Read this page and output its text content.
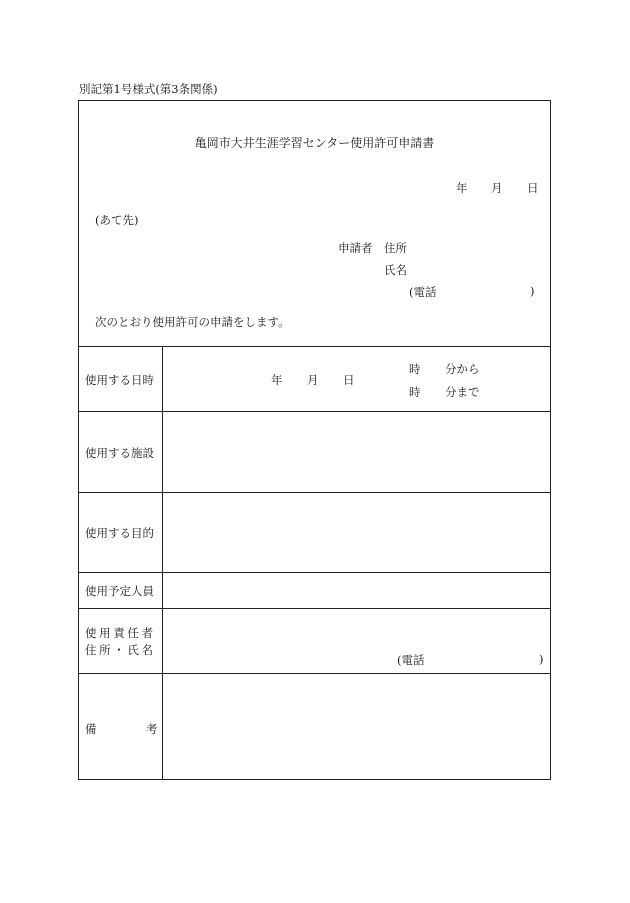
別記第1号様式(第3条関係)
亀岡市大井生涯学習センター使用許可申請書
年 月 日
(あて先)
申請者 住所
氏名
(電話	)
次のとおり使用許可の申請をします。
使用する日時	年 月 日
時 分から
時 分まで
使用する施設
使用する目的
使用予定人員
使 用 責 任 者
住 所 ・ 氏 名
(電話	)
備	考
